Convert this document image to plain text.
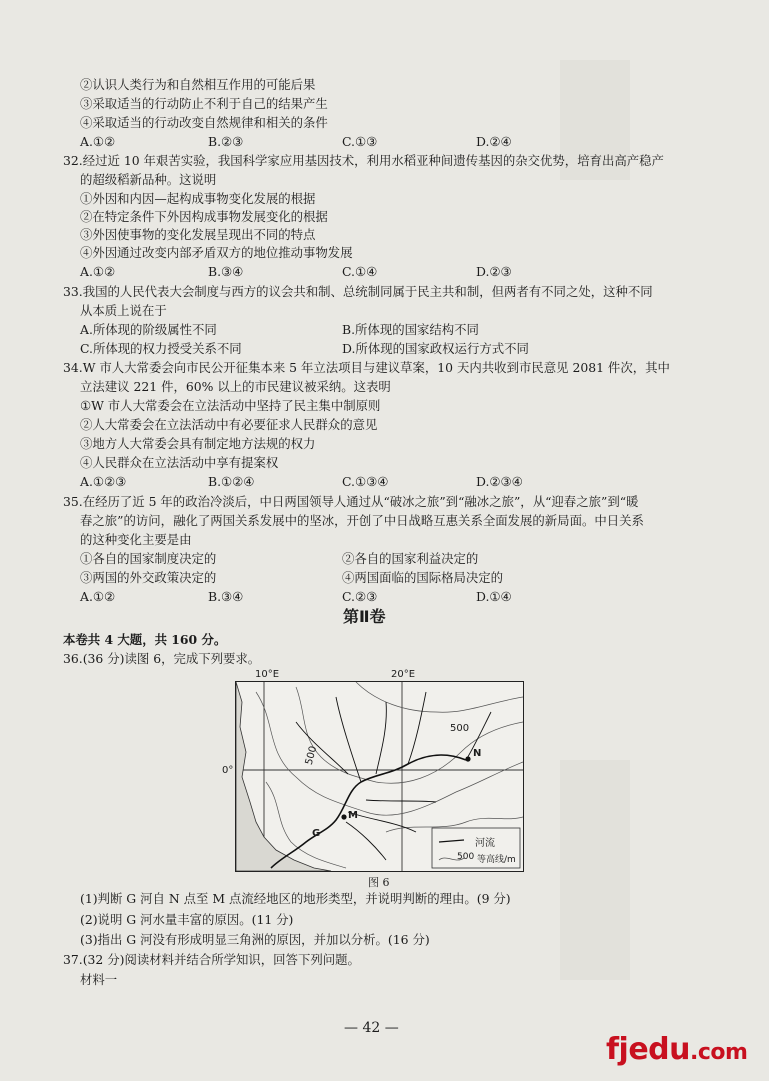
②认识人类行为和自然相互作用的可能后果
③采取适当的行动防止不利于自己的结果产生
④采取适当的行动改变自然规律和相关的条件
A.①②	B.②③	C.①③	D.②④
32.经过近 10 年艰苦实验，我国科学家应用基因技术，利用水稻亚种间遗传基因的杂交优势，培育出高产稳产
的超级稻新品种。这说明
①外因和内因—起构成事物变化发展的根据
②在特定条件下外因构成事物发展变化的根据
③外因使事物的变化发展呈现出不同的特点
④外因通过改变内部矛盾双方的地位推动事物发展
A.①②	B.③④	C.①④	D.②③
33.我国的人民代表大会制度与西方的议会共和制、总统制同属于民主共和制，但两者有不同之处，这种不同
从本质上说在于
A.所体现的阶级属性不同	B.所体现的国家结构不同
C.所体现的权力授受关系不同	D.所体现的国家政权运行方式不同
34.W 市人大常委会向市民公开征集本来 5 年立法项目与建议草案，10 天内共收到市民意见 2081 件次，其中
立法建议 221 件，60% 以上的市民建议被采纳。这表明
①W 市人大常委会在立法活动中坚持了民主集中制原则
②人大常委会在立法活动中有必要征求人民群众的意见
③地方人大常委会具有制定地方法规的权力
④人民群众在立法活动中享有提案权
A.①②③	B.①②④	C.①③④	D.②③④
35.在经历了近 5 年的政治冷淡后，中日两国领导人通过从“破冰之旅”到“融冰之旅”，从“迎春之旅”到“暖
春之旅”的访问，融化了两国关系发展中的坚冰，开创了中日战略互惠关系全面发展的新局面。中日关系
的这种变化主要是由
①各自的国家制度决定的	②各自的国家利益决定的
③两国的外交政策决定的	④两国面临的国际格局决定的
A.①②	B.③④	C.②③	D.①④
第Ⅱ卷
本卷共 4 大题，共 160 分。
36.(36 分)读图 6，完成下列要求。
10°E	20°E
0°
500
500
N
M
G
河流
500 等高线/m
图 6
(1)判断 G 河自 N 点至 M 点流经地区的地形类型，并说明判断的理由。(9 分)
(2)说明 G 河水量丰富的原因。(11 分)
(3)指出 G 河没有形成明显三角洲的原因，并加以分析。(16 分)
37.(32 分)阅读材料并结合所学知识，回答下列问题。
材料一
— 42 —
fjedu.com
